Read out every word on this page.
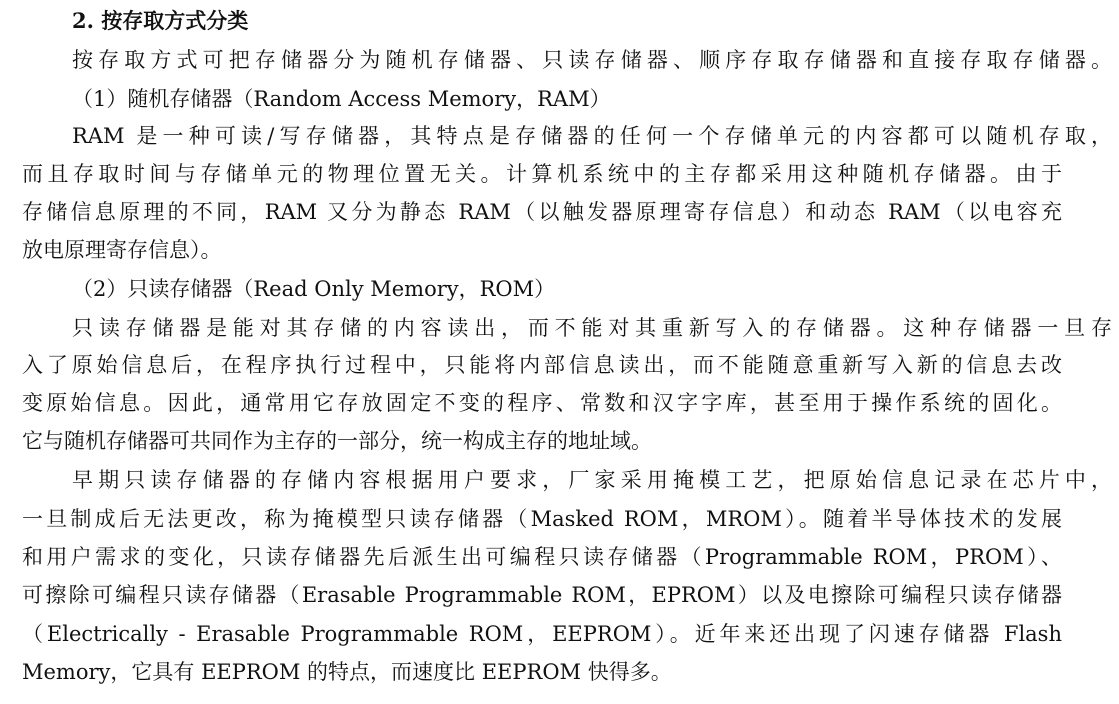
2. 按存取方式分类
按存取方式可把存储器分为随机存储器、只读存储器、顺序存取存储器和直接存取存储器。
（1）随机存储器（Random Access Memory，RAM）
RAM 是一种可读/写存储器，其特点是存储器的任何一个存储单元的内容都可以随机存取，
而且存取时间与存储单元的物理位置无关。计算机系统中的主存都采用这种随机存储器。由于
存储信息原理的不同，RAM 又分为静态 RAM（以触发器原理寄存信息）和动态 RAM（以电容充
放电原理寄存信息）。
（2）只读存储器（Read Only Memory，ROM）
只读存储器是能对其存储的内容读出，而不能对其重新写入的存储器。这种存储器一旦存
入了原始信息后，在程序执行过程中，只能将内部信息读出，而不能随意重新写入新的信息去改
变原始信息。因此，通常用它存放固定不变的程序、常数和汉字字库，甚至用于操作系统的固化。
它与随机存储器可共同作为主存的一部分，统一构成主存的地址域。
早期只读存储器的存储内容根据用户要求，厂家采用掩模工艺，把原始信息记录在芯片中，
一旦制成后无法更改，称为掩模型只读存储器（Masked ROM，MROM）。随着半导体技术的发展
和用户需求的变化，只读存储器先后派生出可编程只读存储器（Programmable ROM，PROM）、
可擦除可编程只读存储器（Erasable Programmable ROM，EPROM）以及电擦除可编程只读存储器
（Electrically - Erasable Programmable ROM，EEPROM）。近年来还出现了闪速存储器 Flash
Memory，它具有 EEPROM 的特点，而速度比 EEPROM 快得多。
